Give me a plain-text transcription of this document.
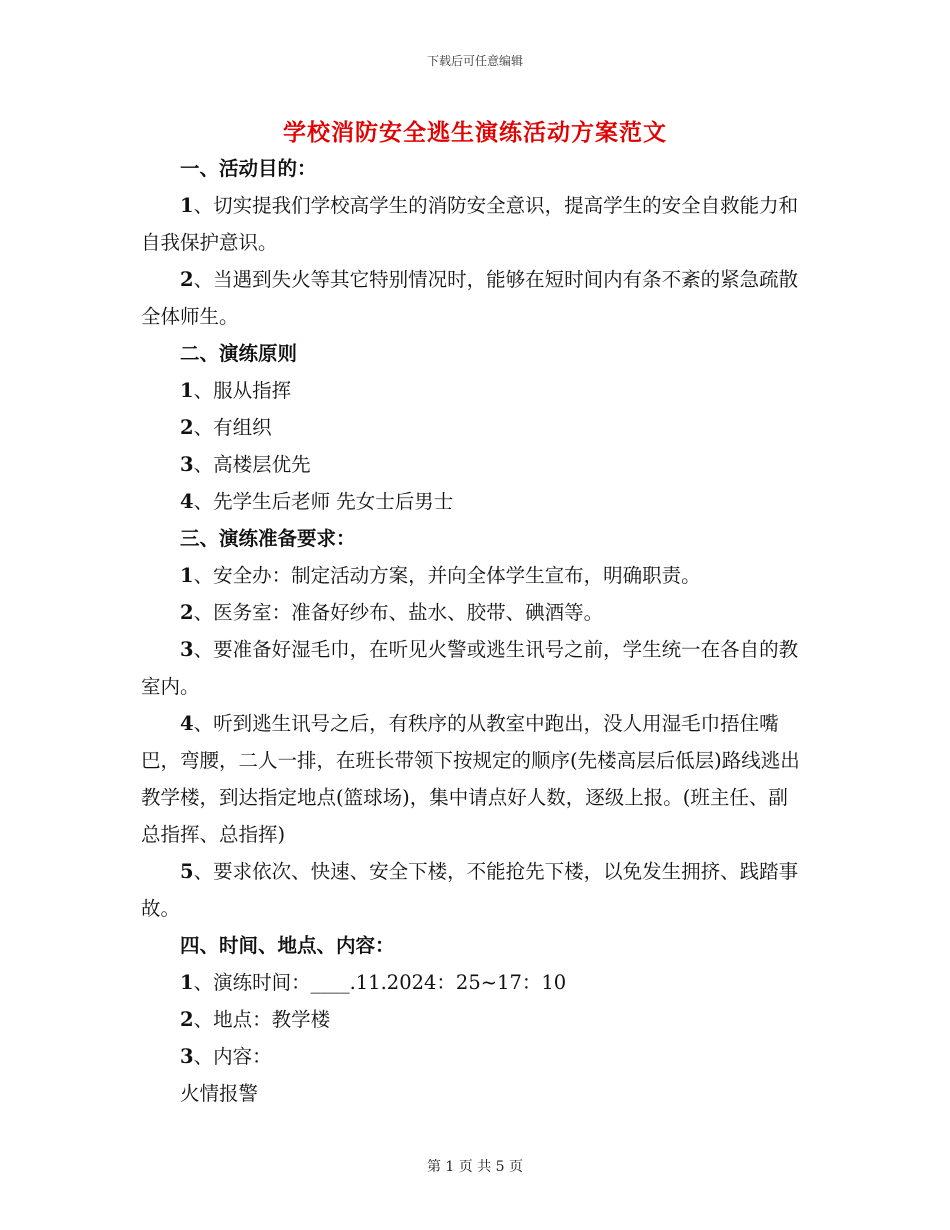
下载后可任意编辑
学校消防安全逃生演练活动方案范文

一、活动目的：

1、切实提我们学校高学生的消防安全意识，提高学生的安全自救能力和自我保护意识。

2、当遇到失火等其它特别情况时，能够在短时间内有条不紊的紧急疏散全体师生。

二、演练原则

1、服从指挥

2、有组织

3、高楼层优先

4、先学生后老师 先女士后男士

三、演练准备要求：

1、安全办：制定活动方案，并向全体学生宣布，明确职责。

2、医务室：准备好纱布、盐水、胶带、碘酒等。

3、要准备好湿毛巾，在听见火警或逃生讯号之前，学生统一在各自的教室内。

4、听到逃生讯号之后，有秩序的从教室中跑出，没人用湿毛巾捂住嘴巴，弯腰，二人一排，在班长带领下按规定的顺序(先楼高层后低层)路线逃出教学楼，到达指定地点(篮球场)，集中请点好人数，逐级上报。(班主任、副总指挥、总指挥)

5、要求依次、快速、安全下楼，不能抢先下楼，以免发生拥挤、践踏事故。

四、时间、地点、内容：

1、演练时间：____.11.2024：25~17：10

2、地点：教学楼

3、内容：

火情报警

第 1 页 共 5 页
